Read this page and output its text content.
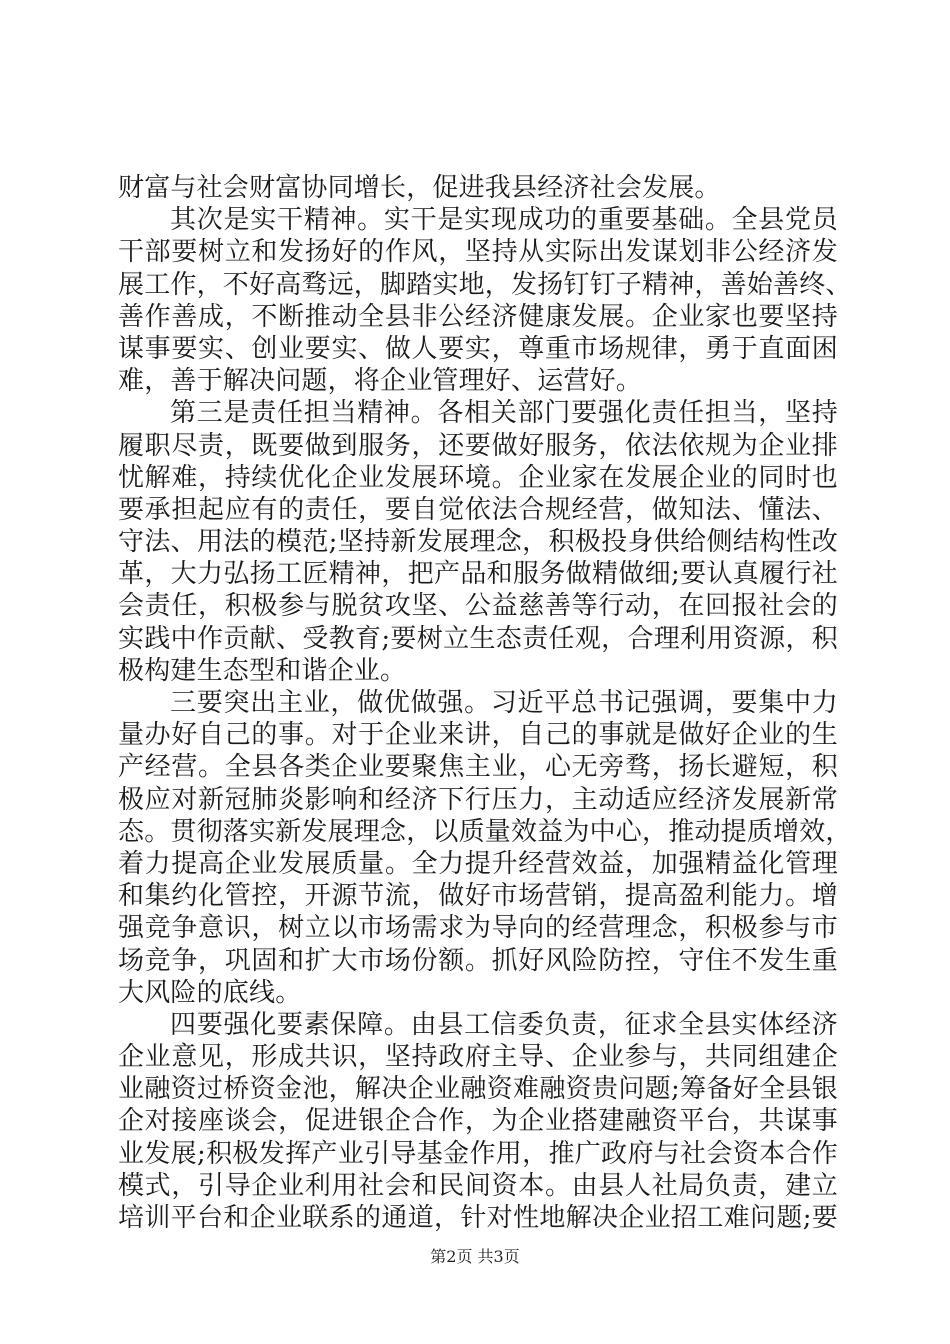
财富与社会财富协同增长，促进我县经济社会发展。
其次是实干精神。实干是实现成功的重要基础。全县党员
干部要树立和发扬好的作风，坚持从实际出发谋划非公经济发
展工作，不好高骛远，脚踏实地，发扬钉钉子精神，善始善终、
善作善成，不断推动全县非公经济健康发展。企业家也要坚持
谋事要实、创业要实、做人要实，尊重市场规律，勇于直面困
难，善于解决问题，将企业管理好、运营好。
第三是责任担当精神。各相关部门要强化责任担当，坚持
履职尽责，既要做到服务，还要做好服务，依法依规为企业排
忧解难，持续优化企业发展环境。企业家在发展企业的同时也
要承担起应有的责任，要自觉依法合规经营，做知法、懂法、
守法、用法的模范;坚持新发展理念，积极投身供给侧结构性改
革，大力弘扬工匠精神，把产品和服务做精做细;要认真履行社
会责任，积极参与脱贫攻坚、公益慈善等行动，在回报社会的
实践中作贡献、受教育;要树立生态责任观，合理利用资源，积
极构建生态型和谐企业。
三要突出主业，做优做强。习近平总书记强调，要集中力
量办好自己的事。对于企业来讲，自己的事就是做好企业的生
产经营。全县各类企业要聚焦主业，心无旁骛，扬长避短，积
极应对新冠肺炎影响和经济下行压力，主动适应经济发展新常
态。贯彻落实新发展理念，以质量效益为中心，推动提质增效，
着力提高企业发展质量。全力提升经营效益，加强精益化管理
和集约化管控，开源节流，做好市场营销，提高盈利能力。增
强竞争意识，树立以市场需求为导向的经营理念，积极参与市
场竞争，巩固和扩大市场份额。抓好风险防控，守住不发生重
大风险的底线。
四要强化要素保障。由县工信委负责，征求全县实体经济
企业意见，形成共识，坚持政府主导、企业参与，共同组建企
业融资过桥资金池，解决企业融资难融资贵问题;筹备好全县银
企对接座谈会，促进银企合作，为企业搭建融资平台，共谋事
业发展;积极发挥产业引导基金作用，推广政府与社会资本合作
模式，引导企业利用社会和民间资本。由县人社局负责，建立
培训平台和企业联系的通道，针对性地解决企业招工难问题;要
第2页 共3页
